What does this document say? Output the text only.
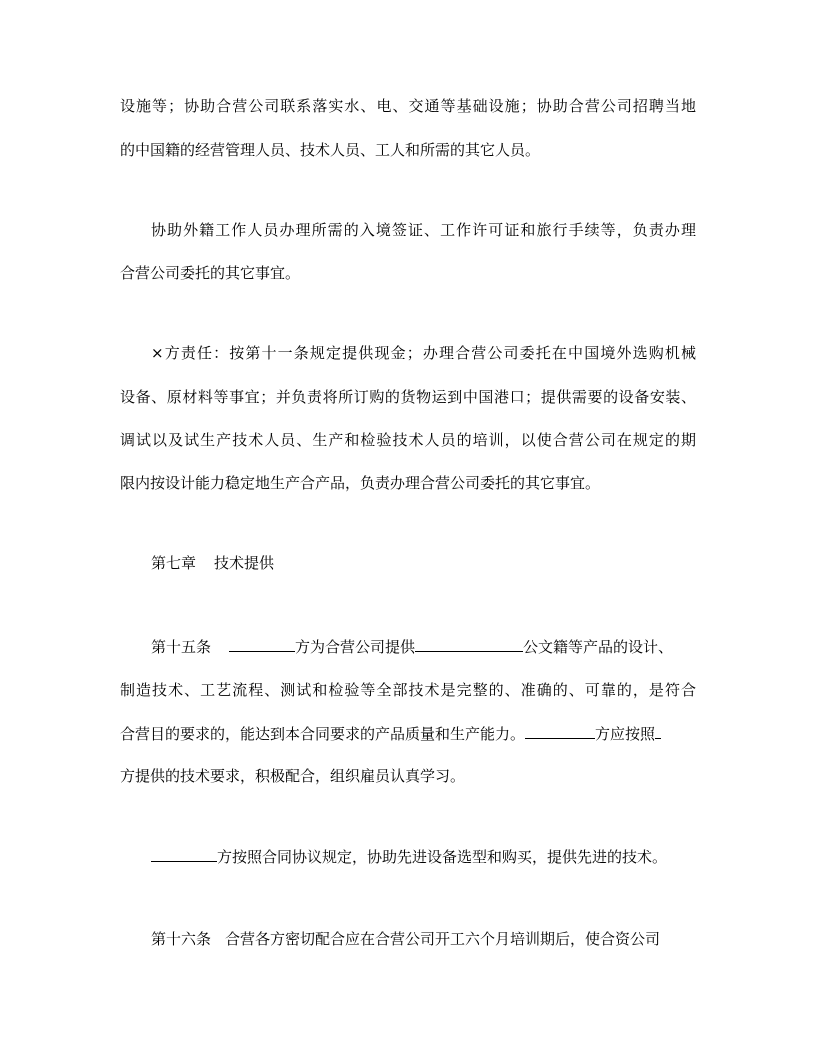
设施等；协助合营公司联系落实水、电、交通等基础设施；协助合营公司招聘当地
的中国籍的经营管理人员、技术人员、工人和所需的其它人员。
协助外籍工作人员办理所需的入境签证、工作许可证和旅行手续等，负责办理
合营公司委托的其它事宜。
×方责任：按第十一条规定提供现金；办理合营公司委托在中国境外选购机械
设备、原材料等事宜；并负责将所订购的货物运到中国港口；提供需要的设备安装、
调试以及试生产技术人员、生产和检验技术人员的培训，以使合营公司在规定的期
限内按设计能力稳定地生产合产品，负责办理合营公司委托的其它事宜。
第七章 技术提供
第十五条	方为合营公司提供	公文籍等产品的设计、
制造技术、工艺流程、测试和检验等全部技术是完整的、准确的、可靠的，是符合
合营目的要求的，能达到本合同要求的产品质量和生产能力。	方应按照
方提供的技术要求，积极配合，组织雇员认真学习。
方按照合同协议规定，协助先进设备选型和购买，提供先进的技术。
第十六条 合营各方密切配合应在合营公司开工六个月培训期后，使合资公司
